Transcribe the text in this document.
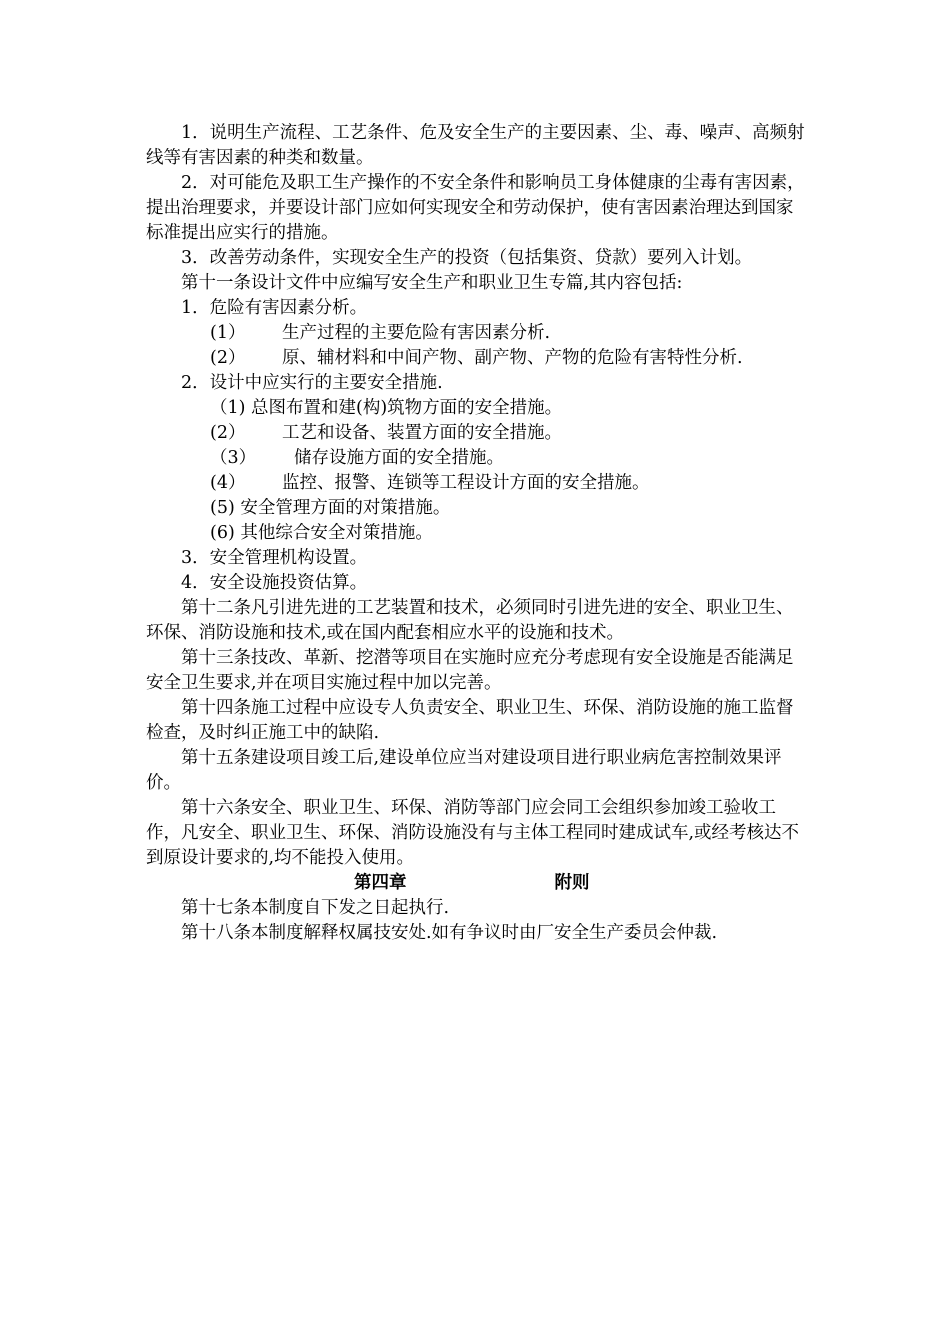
1．说明生产流程、工艺条件、危及安全生产的主要因素、尘、毒、噪声、高频射线等有害因素的种类和数量。

2．对可能危及职工生产操作的不安全条件和影响员工身体健康的尘毒有害因素，提出治理要求，并要设计部门应如何实现安全和劳动保护，使有害因素治理达到国家标准提出应实行的措施。

3．改善劳动条件，实现安全生产的投资（包括集资、贷款）要列入计划。

第十一条设计文件中应编写安全生产和职业卫生专篇,其内容包括:

1．危险有害因素分析。

(1） 生产过程的主要危险有害因素分析.

(2） 原、辅材料和中间产物、副产物、产物的危险有害特性分析.

2．设计中应实行的主要安全措施.

（1) 总图布置和建(构)筑物方面的安全措施。

(2） 工艺和设备、装置方面的安全措施。

（3） 储存设施方面的安全措施。

(4） 监控、报警、连锁等工程设计方面的安全措施。

(5) 安全管理方面的对策措施。

(6) 其他综合安全对策措施。

3．安全管理机构设置。

4．安全设施投资估算。

第十二条凡引进先进的工艺装置和技术，必须同时引进先进的安全、职业卫生、环保、消防设施和技术,或在国内配套相应水平的设施和技术。

第十三条技改、革新、挖潜等项目在实施时应充分考虑现有安全设施是否能满足安全卫生要求,并在项目实施过程中加以完善。

第十四条施工过程中应设专人负责安全、职业卫生、环保、消防设施的施工监督检查，及时纠正施工中的缺陷.

第十五条建设项目竣工后,建设单位应当对建设项目进行职业病危害控制效果评价。

第十六条安全、职业卫生、环保、消防等部门应会同工会组织参加竣工验收工作，凡安全、职业卫生、环保、消防设施没有与主体工程同时建成试车,或经考核达不到原设计要求的,均不能投入使用。

第四章	附则

第十七条本制度自下发之日起执行.

第十八条本制度解释权属技安处.如有争议时由厂安全生产委员会仲裁.
